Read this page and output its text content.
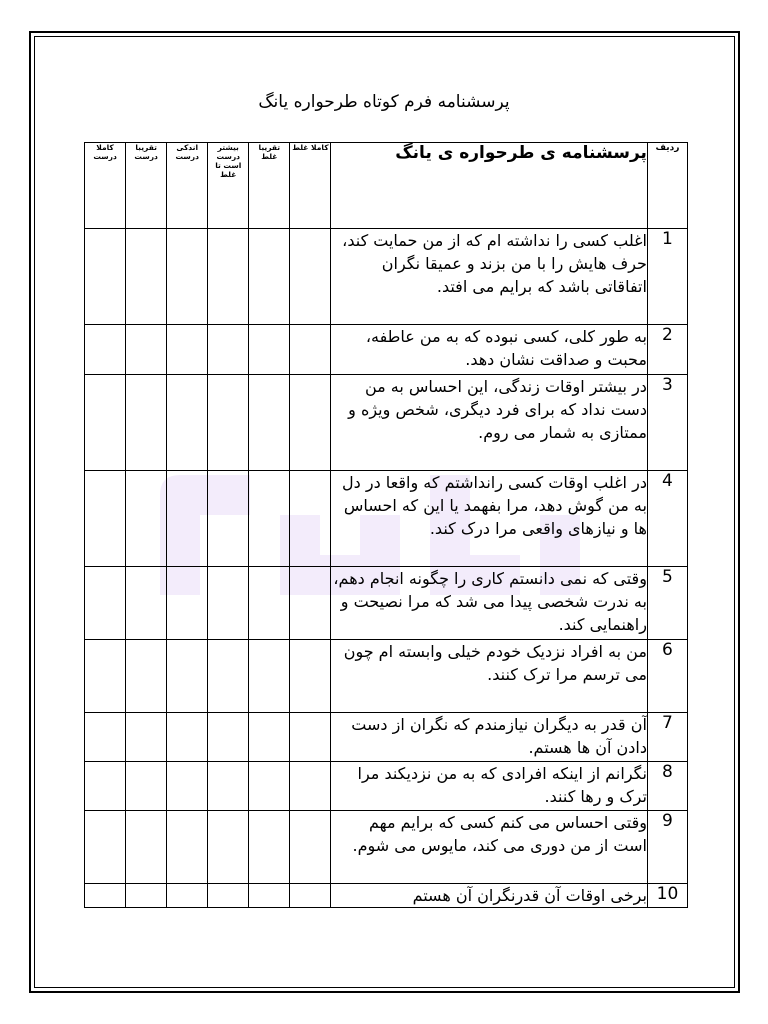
پرسشنامه فرم کوتاه طرحواره یانگ
ردیف	پرسشنامه ی طرحواره ی یانگ	کاملا غلط	تقریبا غلط	بیشتر درست است تا غلط	اندکی درست	تقریبا درست	کاملا درست
1	اغلب کسی را نداشته ام که از من حمایت کند، حرف هایش را با من بزند و عمیقا نگران اتفاقاتی باشد که برایم می افتد.						
2	به طور کلی، کسی نبوده که به من عاطفه، محبت و صداقت نشان دهد.						
3	در بیشتر اوقات زندگی، این احساس به من دست نداد که برای فرد دیگری، شخص ویژه و ممتازی به شمار می روم.						
4	در اغلب اوقات کسی رانداشتم که واقعا در دل به من گوش دهد، مرا بفهمد یا این که احساس ها و نیازهای واقعی مرا درک کند.						
5	وقتی که نمی دانستم کاری را چگونه انجام دهم، به ندرت شخصی پیدا می شد که مرا نصیحت و راهنمایی کند.						
6	من به افراد نزدیک خودم خیلی وابسته ام چون می ترسم مرا ترک کنند.						
7	آن قدر به دیگران نیازمندم که نگران از دست دادن آن ها هستم.						
8	نگرانم از اینکه افرادی که به من نزدیکند مرا ترک و رها کنند.						
9	وقتی احساس می کنم کسی که برایم مهم است از من دوری می کند، مایوس می شوم.						
10	برخی اوقات آن قدرنگران آن هستم						
